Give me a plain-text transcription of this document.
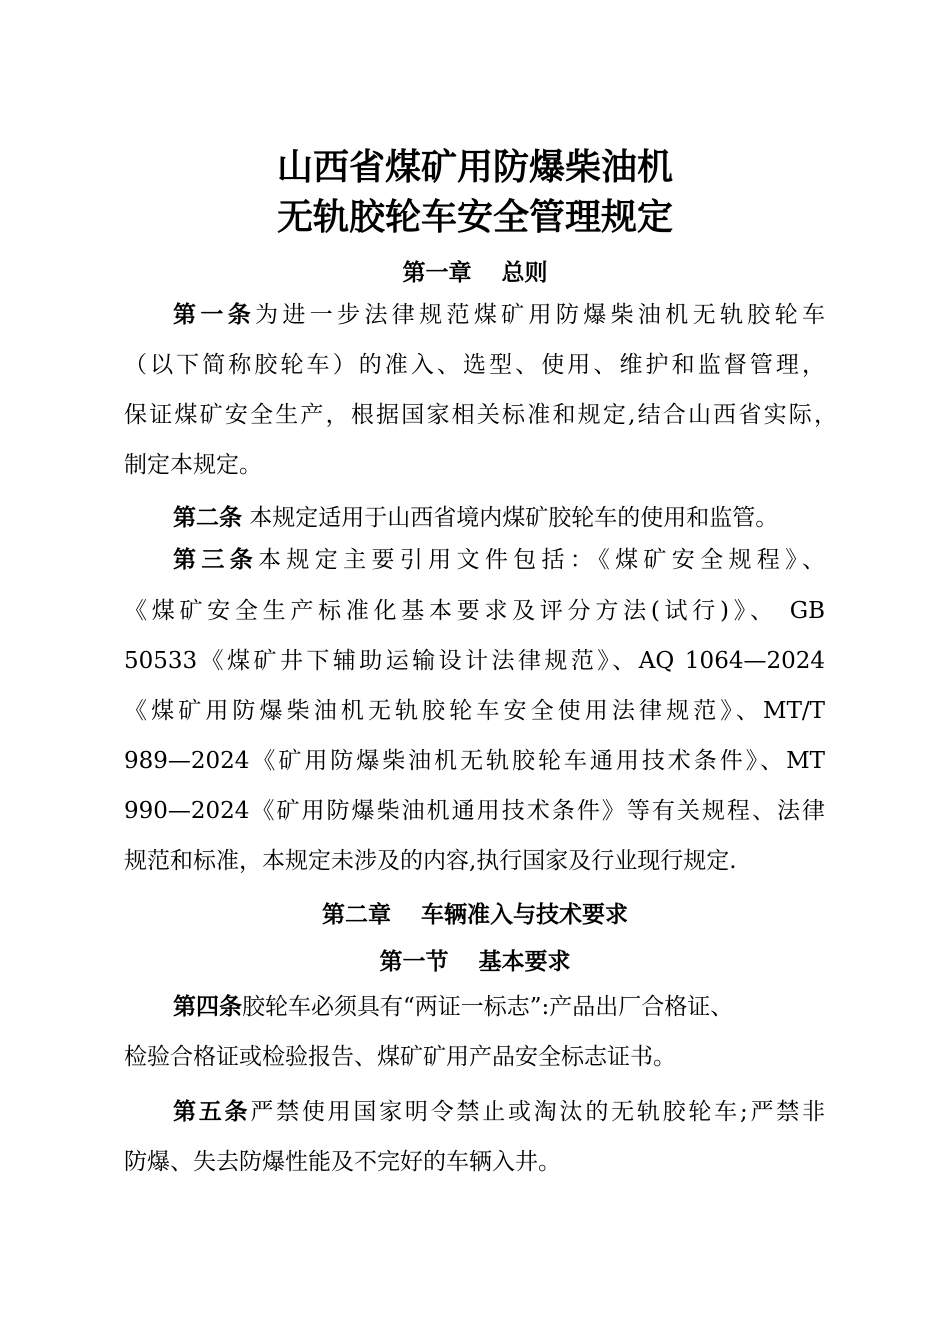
山西省煤矿用防爆柴油机
无轨胶轮车安全管理规定
第一章 总则
第一条为进一步法律规范煤矿用防爆柴油机无轨胶轮车
（以下简称胶轮车）的准入、选型、使用、维护和监督管理，
保证煤矿安全生产，根据国家相关标准和规定,结合山西省实际，
制定本规定。
第二条 本规定适用于山西省境内煤矿胶轮车的使用和监管。
第三条本规定主要引用文件包括：《煤矿安全规程》、
《煤矿安全生产标准化基本要求及评分方法(试行)》、 GB
50533《煤矿井下辅助运输设计法律规范》、AQ 1064—2024
《煤矿用防爆柴油机无轨胶轮车安全使用法律规范》、MT/T
989—2024《矿用防爆柴油机无轨胶轮车通用技术条件》、MT
990—2024《矿用防爆柴油机通用技术条件》等有关规程、法律
规范和标准，本规定未涉及的内容,执行国家及行业现行规定.
第二章 车辆准入与技术要求
第一节 基本要求
第四条胶轮车必须具有“两证一标志”:产品出厂合格证、
检验合格证或检验报告、煤矿矿用产品安全标志证书。
第五条严禁使用国家明令禁止或淘汰的无轨胶轮车;严禁非
防爆、失去防爆性能及不完好的车辆入井。
